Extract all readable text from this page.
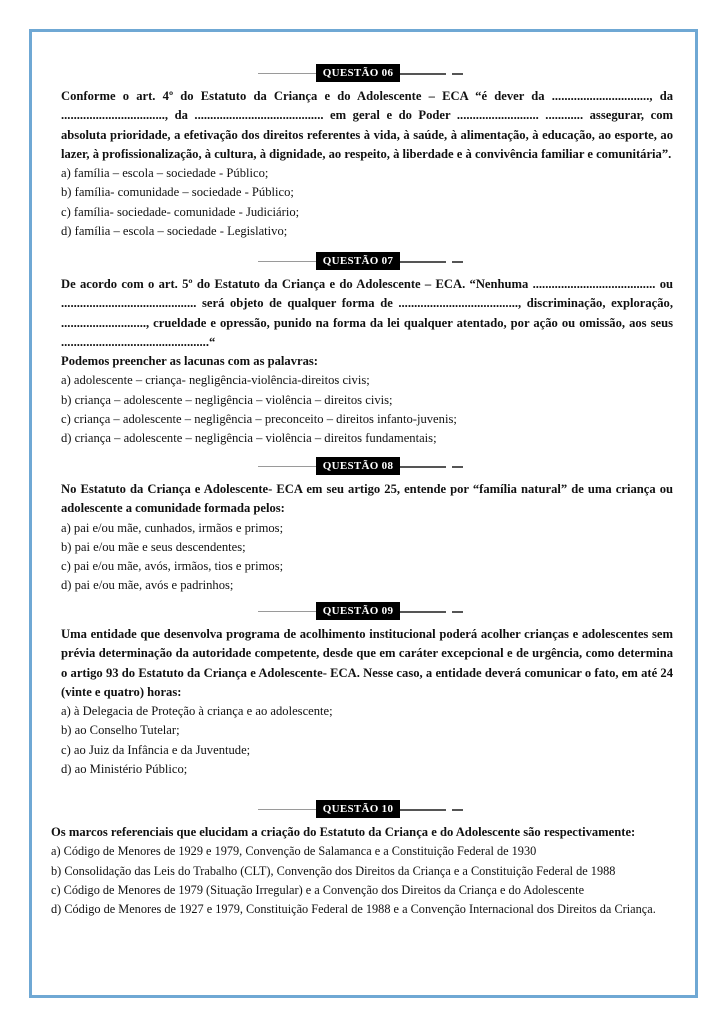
QUESTÃO 06

Conforme o art. 4º do Estatuto da Criança e do Adolescente – ECA “é dever da ..............................., da ................................., da ......................................... em geral e do Poder .......................... ............ assegurar, com absoluta prioridade, a efetivação dos direitos referentes à vida, à saúde, à alimentação, à educação, ao esporte, ao lazer, à profissionalização, à cultura, à dignidade, ao respeito, à liberdade e à convivência familiar e comunitária”.

a) família – escola – sociedade - Público;

b) família- comunidade – sociedade - Público;

c) família- sociedade- comunidade - Judiciário;

d) família – escola – sociedade - Legislativo;

QUESTÃO 07

De acordo com o art. 5º do Estatuto da Criança e do Adolescente – ECA. “Nenhuma ....................................... ou ........................................... será objeto de qualquer forma de ......................................, discriminação, exploração, ..........................., crueldade e opressão, punido na forma da lei qualquer atentado, por ação ou omissão, aos seus ...............................................“

Podemos preencher as lacunas com as palavras:

a) adolescente – criança- negligência-violência-direitos civis;

b) criança – adolescente – negligência – violência – direitos civis;

c) criança – adolescente – negligência – preconceito – direitos infanto-juvenis;

d) criança – adolescente – negligência – violência – direitos fundamentais;

QUESTÃO 08

No Estatuto da Criança e Adolescente- ECA em seu artigo 25, entende por “família natural” de uma criança ou adolescente a comunidade formada pelos:

a) pai e/ou mãe, cunhados, irmãos e primos;

b) pai e/ou mãe e seus descendentes;

c) pai e/ou mãe, avós, irmãos, tios e primos;

d) pai e/ou mãe, avós e padrinhos;

QUESTÃO 09

Uma entidade que desenvolva programa de acolhimento institucional poderá acolher crianças e adolescentes sem prévia determinação da autoridade competente, desde que em caráter excepcional e de urgência, como determina o artigo 93 do Estatuto da Criança e Adolescente- ECA. Nesse caso, a entidade deverá comunicar o fato, em até 24 (vinte e quatro) horas:

a) à Delegacia de Proteção à criança e ao adolescente;

b) ao Conselho Tutelar;

c) ao Juiz da Infância e da Juventude;

d) ao Ministério Público;

QUESTÃO 10

Os marcos referenciais que elucidam a criação do Estatuto da Criança e do Adolescente são respectivamente:

a) Código de Menores de 1929 e 1979, Convenção de Salamanca e a Constituição Federal de 1930

b) Consolidação das Leis do Trabalho (CLT), Convenção dos Direitos da Criança e a Constituição Federal de 1988

c) Código de Menores de 1979 (Situação Irregular) e a Convenção dos Direitos da Criança e do Adolescente

d) Código de Menores de 1927 e 1979, Constituição Federal de 1988 e a Convenção Internacional dos Direitos da Criança.
